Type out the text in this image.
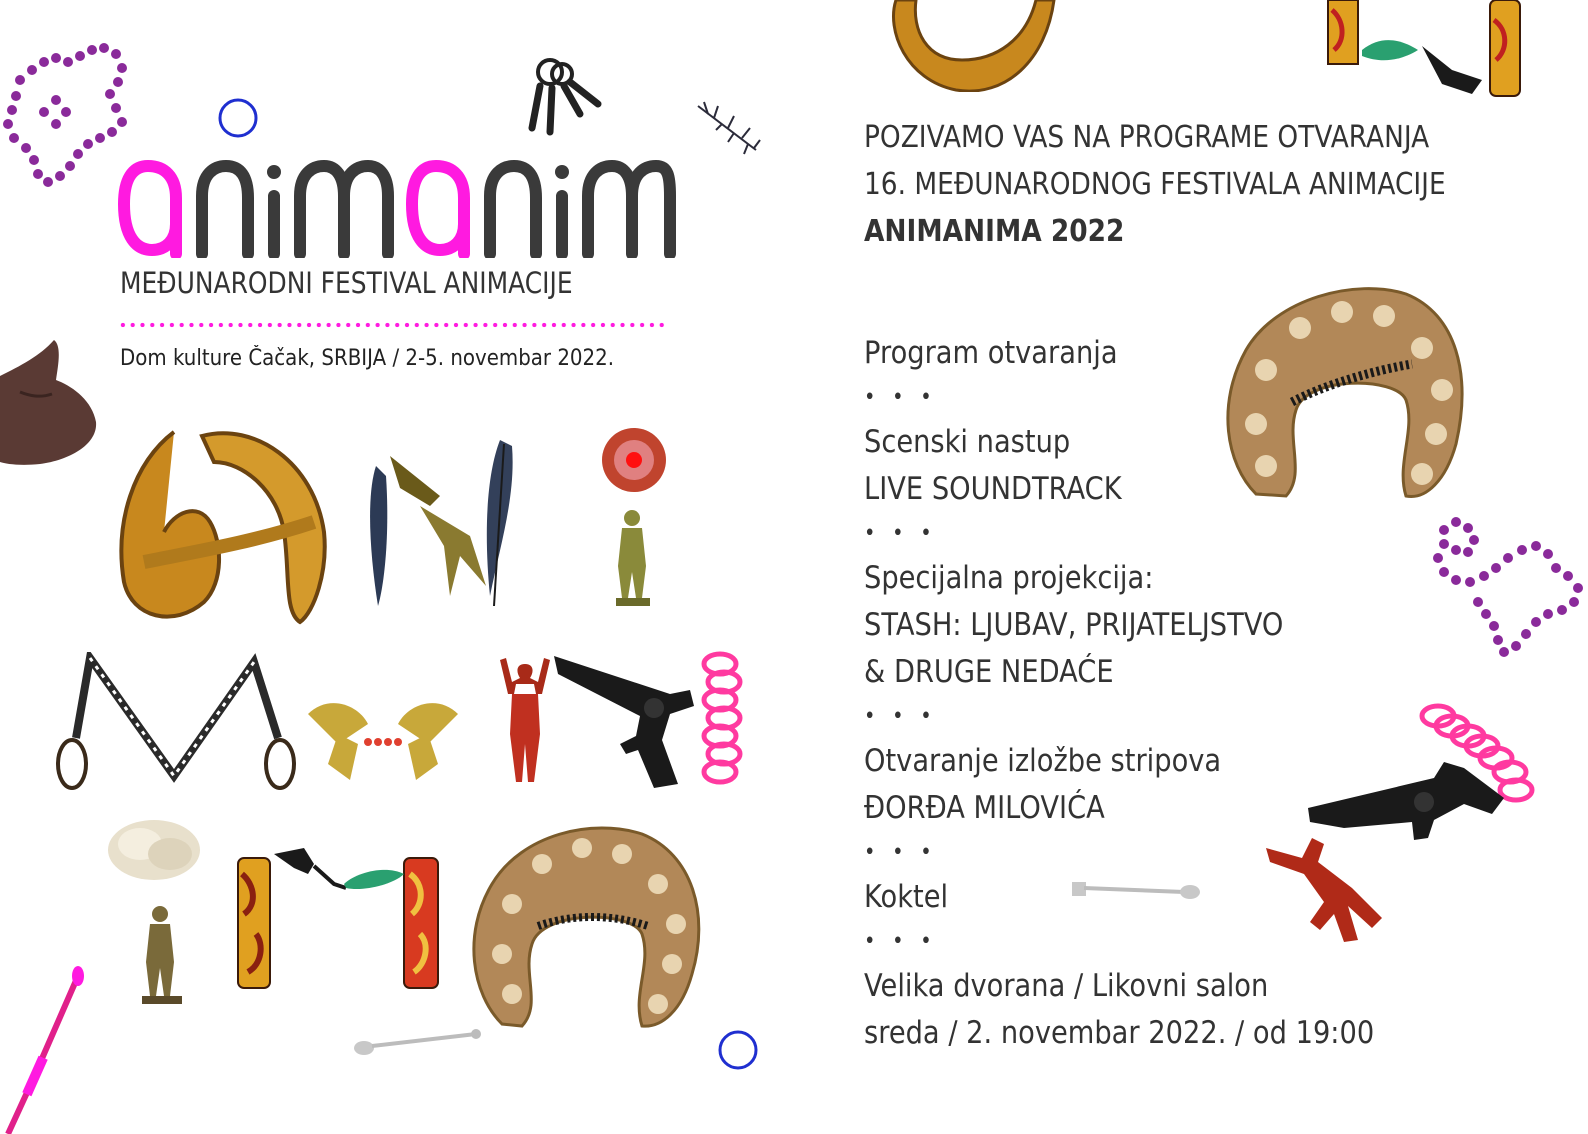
MEĐUNARODNI FESTIVAL ANIMACIJE
Dom kulture Čačak, SRBIJA / 2-5. novembar 2022.
POZIVAMO VAS NA PROGRAME OTVARANJA
16. MEĐUNARODNOG FESTIVALA ANIMACIJE
ANIMANIMA 2022
Program otvaranja
• • •
Scenski nastup
LIVE SOUNDTRACK
• • •
Specijalna projekcija:
STASH: LJUBAV, PRIJATELJSTVO
& DRUGE NEDAĆE
• • •
Otvaranje izložbe stripova
ĐORĐA MILOVIĆA
• • •
Koktel
• • •
Velika dvorana / Likovni salon
sreda / 2. novembar 2022. / od 19:00
